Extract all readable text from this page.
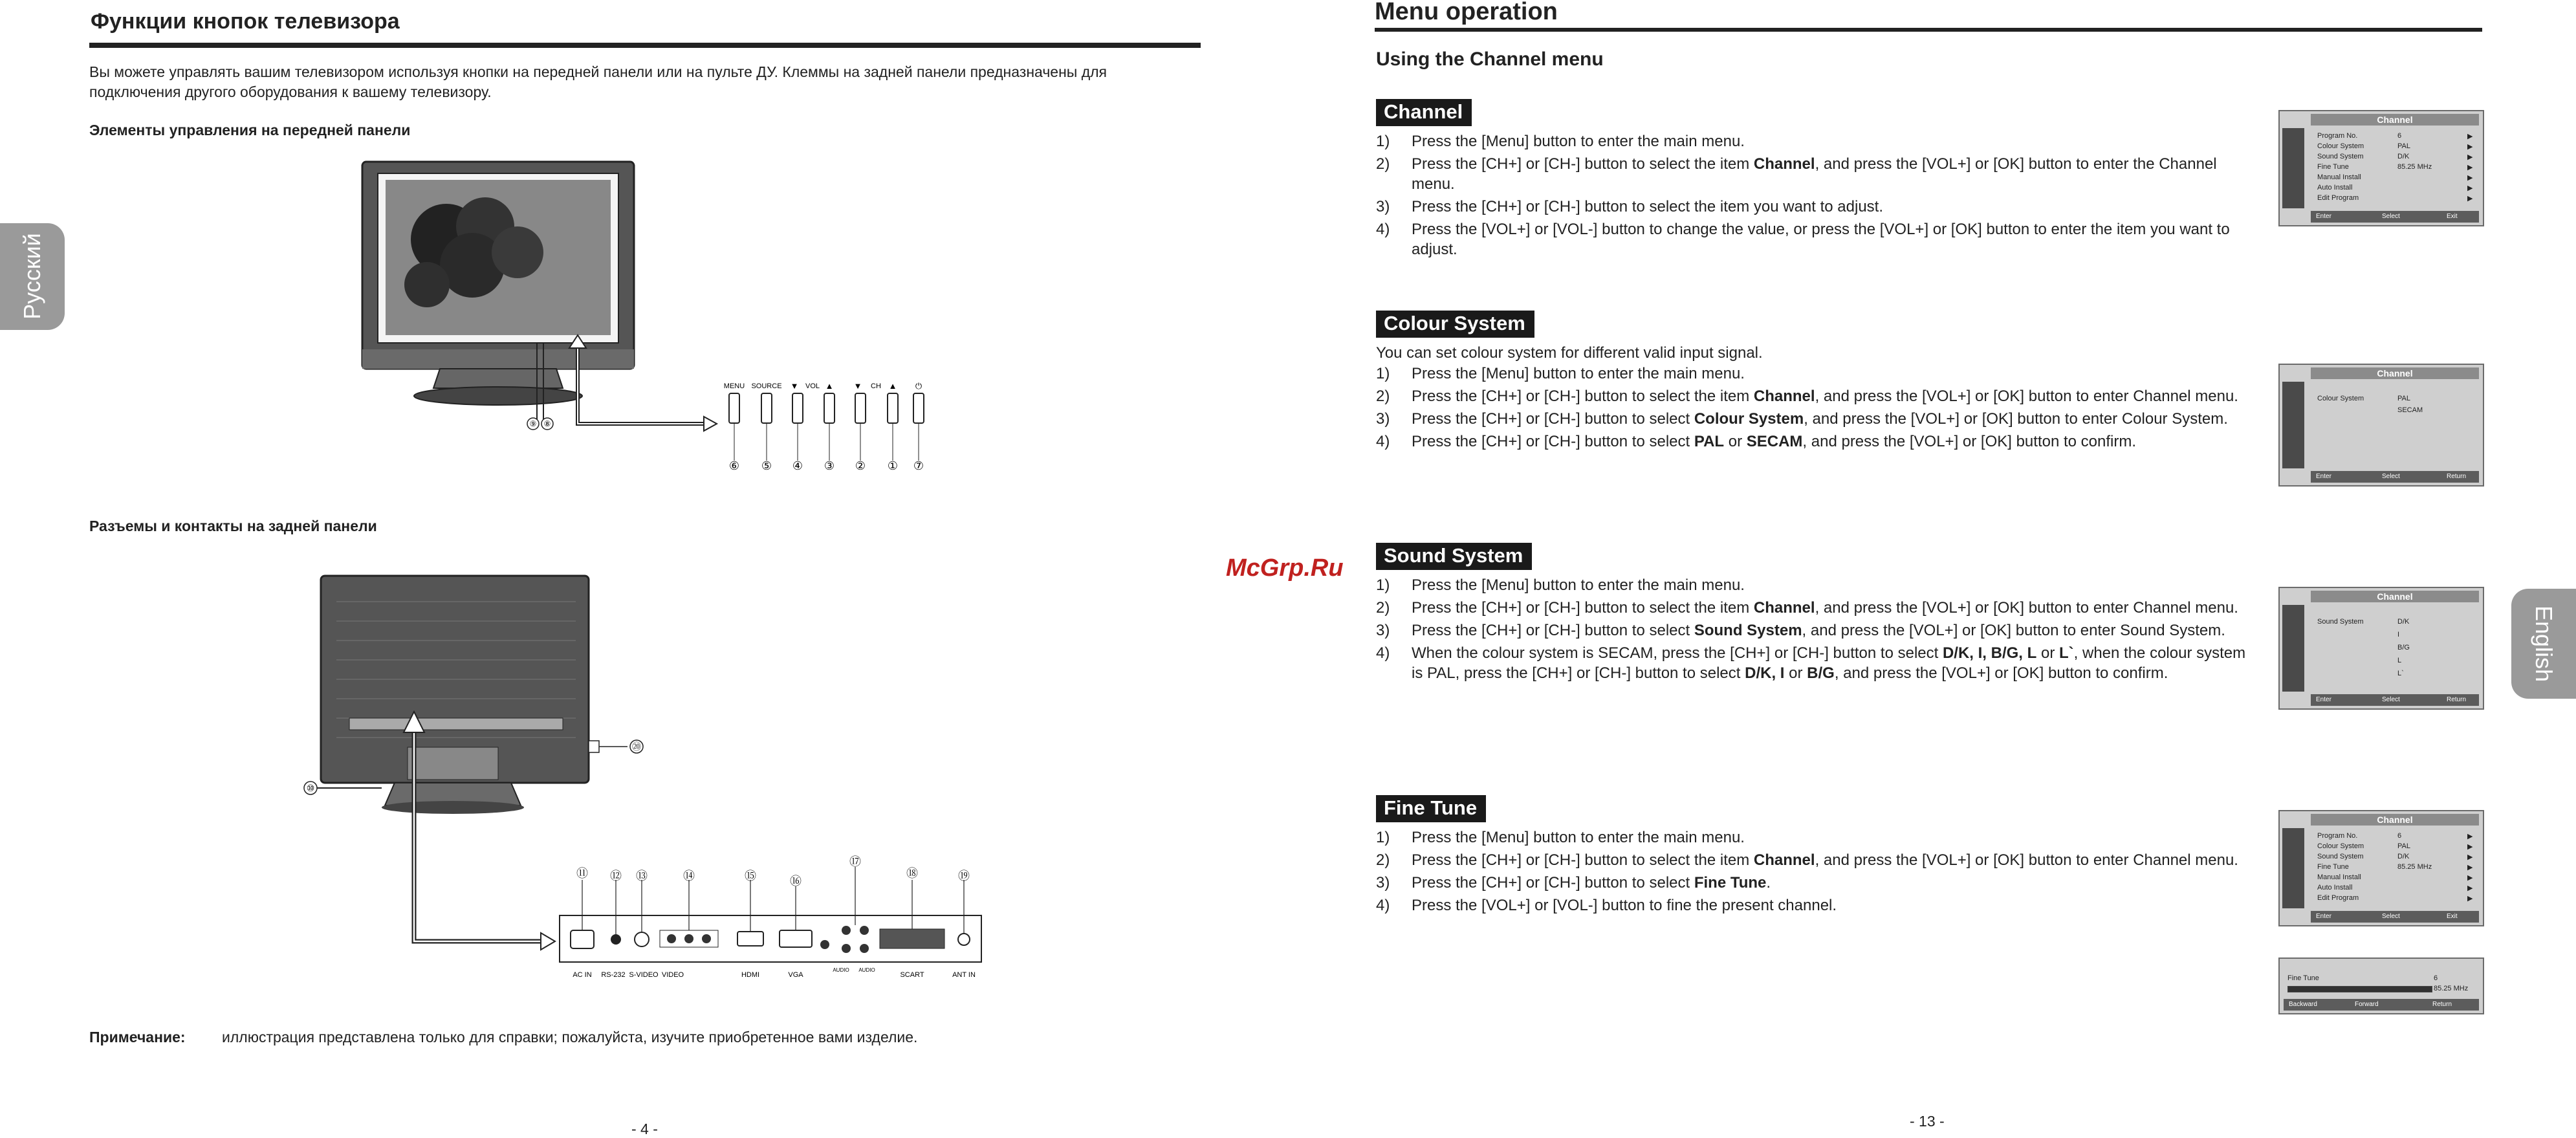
Русский
Функции кнопок телевизора
Вы можете управлять вашим телевизором используя кнопки на передней панели или на пульте ДУ. Клеммы на задней панели предназначены для подключения другого оборудования к вашему телевизору.
Элементы управления на передней панели
⑨ ⑧
MENU SOURCE ▼ VOL ▲ ▼ CH ▲ ⏻
⑥ ⑤ ④ ③ ② ① ⑦
Разъемы и контакты на задней панели
⑳
⑩
AC IN RS-232 S-VIDEO VIDEO	HDMI	VGA
AUDIO AUDIO
SCART	ANT IN
⑪ ⑫ ⑬	⑭	⑮	⑯
⑰
⑱	⑲
Примечание: иллюстрация представлена только для справки; пожалуйста, изучите приобретенное вами изделие.
- 4 -
McGrp.Ru
Menu operation
Using the Channel menu
English
Channel
1)	Press the [Menu] button to enter the main menu.
2)	Press the [CH+] or [CH-] button to select the item Channel, and press the [VOL+] or [OK] button to enter the Channel menu.
3)	Press the [CH+] or [CH-] button to select the item you want to adjust.
4)	Press the [VOL+] or [VOL-] button to change the value, or press the [VOL+] or [OK] button to enter the item you want to adjust.
Colour System
You can set colour system for different valid input signal.
1)	Press the [Menu] button to enter the main menu.
2)	Press the [CH+] or [CH-] button to select the item Channel, and press the [VOL+] or [OK] button to enter Channel menu.
3)	Press the [CH+] or [CH-] button to select Colour System, and press the [VOL+] or [OK] button to enter Colour System.
4)	Press the [CH+] or [CH-] button to select PAL or SECAM, and press the [VOL+] or [OK] button to confirm.
Sound System
1)	Press the [Menu] button to enter the main menu.
2)	Press the [CH+] or [CH-] button to select the item Channel, and press the [VOL+] or [OK] button to enter Channel menu.
3)	Press the [CH+] or [CH-] button to select Sound System, and press the [VOL+] or [OK] button to enter Sound System.
4)	When the colour system is SECAM, press the [CH+] or [CH-] button to select D/K, I, B/G, L or L`, when the colour system is PAL, press the [CH+] or [CH-] button to select D/K, I or B/G, and press the [VOL+] or [OK] button to confirm.
Fine Tune
1)	Press the [Menu] button to enter the main menu.
2)	Press the [CH+] or [CH-] button to select the item Channel, and press the [VOL+] or [OK] button to enter Channel menu.
3)	Press the [CH+] or [CH-] button to select Fine Tune.
4)	Press the [VOL+] or [VOL-] button to fine the present channel.
Channel
Enter	Select	Exit
Program No.	6	▶
Colour System	PAL	▶
Sound System	D/K	▶
Fine Tune	85.25 MHz	▶
Manual Install	▶
Auto Install	▶
Edit Program	▶
Channel
Colour System	PAL
SECAM
Enter	Select	Return
Channel
Sound System	D/K
I
B/G
L
L`
Enter	Select	Return
Channel
Enter	Select	Exit
Program No.	6	▶
Colour System	PAL	▶
Sound System	D/K	▶
Fine Tune	85.25 MHz	▶
Manual Install	▶
Auto Install	▶
Edit Program	▶
Fine Tune	6
85.25 MHz
Backward	Forward	Return
- 13 -
